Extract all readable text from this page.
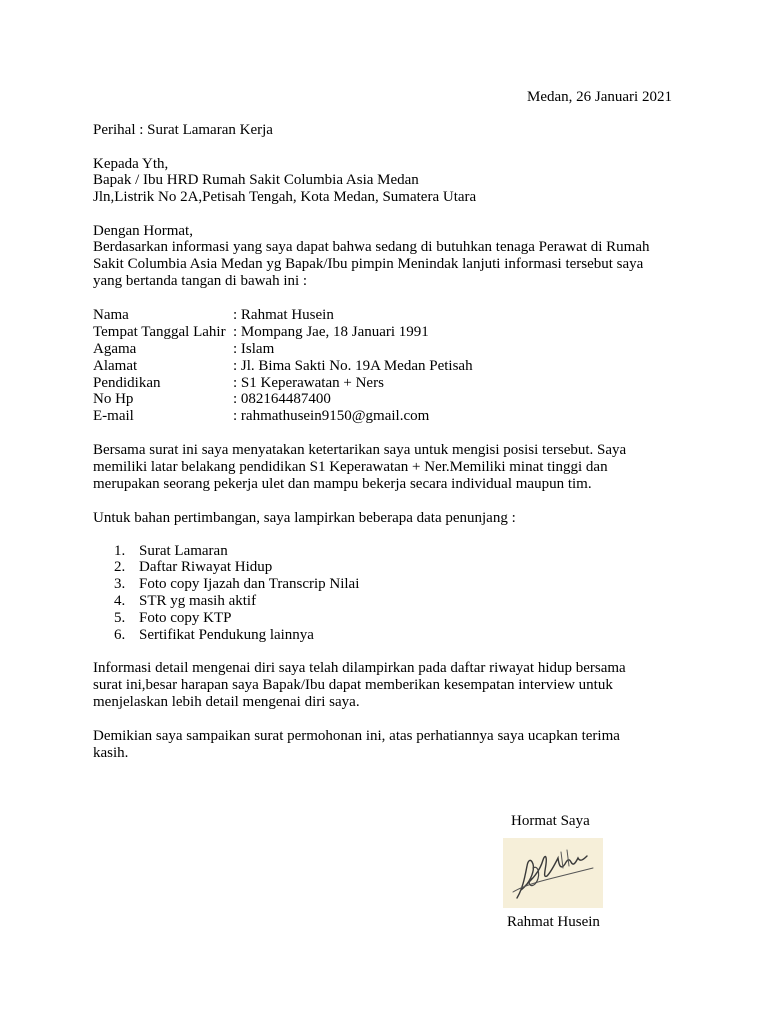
Medan, 26 Januari 2021
Perihal : Surat Lamaran Kerja
Kepada Yth,
Bapak / Ibu HRD Rumah Sakit Columbia Asia Medan
Jln,Listrik No 2A,Petisah Tengah, Kota Medan, Sumatera Utara
Dengan Hormat,
Berdasarkan informasi yang saya dapat bahwa sedang di butuhkan tenaga Perawat di Rumah
Sakit Columbia Asia Medan yg Bapak/Ibu pimpin Menindak lanjuti informasi tersebut saya
yang bertanda tangan di bawah ini :
Nama	: Rahmat Husein
Tempat Tanggal Lahir : Mompang Jae, 18 Januari 1991
Agama	: Islam
Alamat	: Jl. Bima Sakti No. 19A Medan Petisah
Pendidikan	: S1 Keperawatan + Ners
No Hp	: 082164487400
E-mail	: rahmathusein9150@gmail.com
Bersama surat ini saya menyatakan ketertarikan saya untuk mengisi posisi tersebut. Saya
memiliki latar belakang pendidikan S1 Keperawatan + Ner.Memiliki minat tinggi dan
merupakan seorang pekerja ulet dan mampu bekerja secara individual maupun tim.
Untuk bahan pertimbangan, saya lampirkan beberapa data penunjang :
1. Surat Lamaran
2. Daftar Riwayat Hidup
3. Foto copy Ijazah dan Transcrip Nilai
4. STR yg masih aktif
5. Foto copy KTP
6. Sertifikat Pendukung lainnya
Informasi detail mengenai diri saya telah dilampirkan pada daftar riwayat hidup bersama
surat ini,besar harapan saya Bapak/Ibu dapat memberikan kesempatan interview untuk
menjelaskan lebih detail mengenai diri saya.
Demikian saya sampaikan surat permohonan ini, atas perhatiannya saya ucapkan terima
kasih.
Hormat Saya
Rahmat Husein
